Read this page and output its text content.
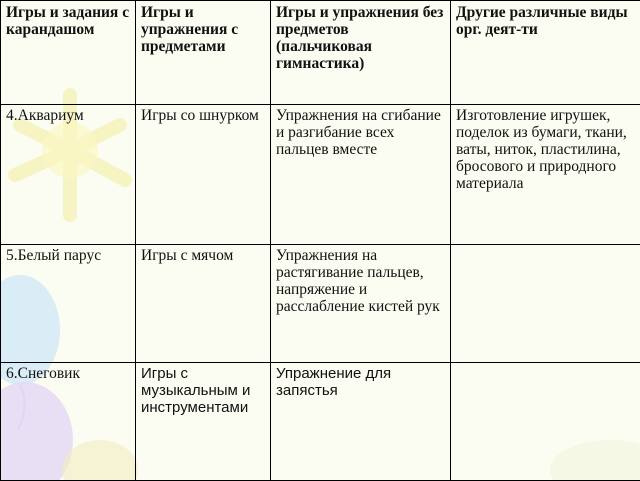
Игры и задания с карандашом	Игры и упражнения с предметами	Игры и упражнения без предметов (пальчиковая гимнастика)	Другие различные виды орг. деят-ти
4.Аквариум	Игры со шнурком	Упражнения на сгибание и разгибание всех пальцев вместе	Изготовление игрушек, поделок из бумаги, ткани, ваты, ниток, пластилина, бросового и природного материала
5.Белый парус	Игры с мячом	Упражнения на растягивание пальцев, напряжение и расслабление кистей рук	
6.Снеговик	Игры с музыкальным и инструментами	Упражнение для запястья	
